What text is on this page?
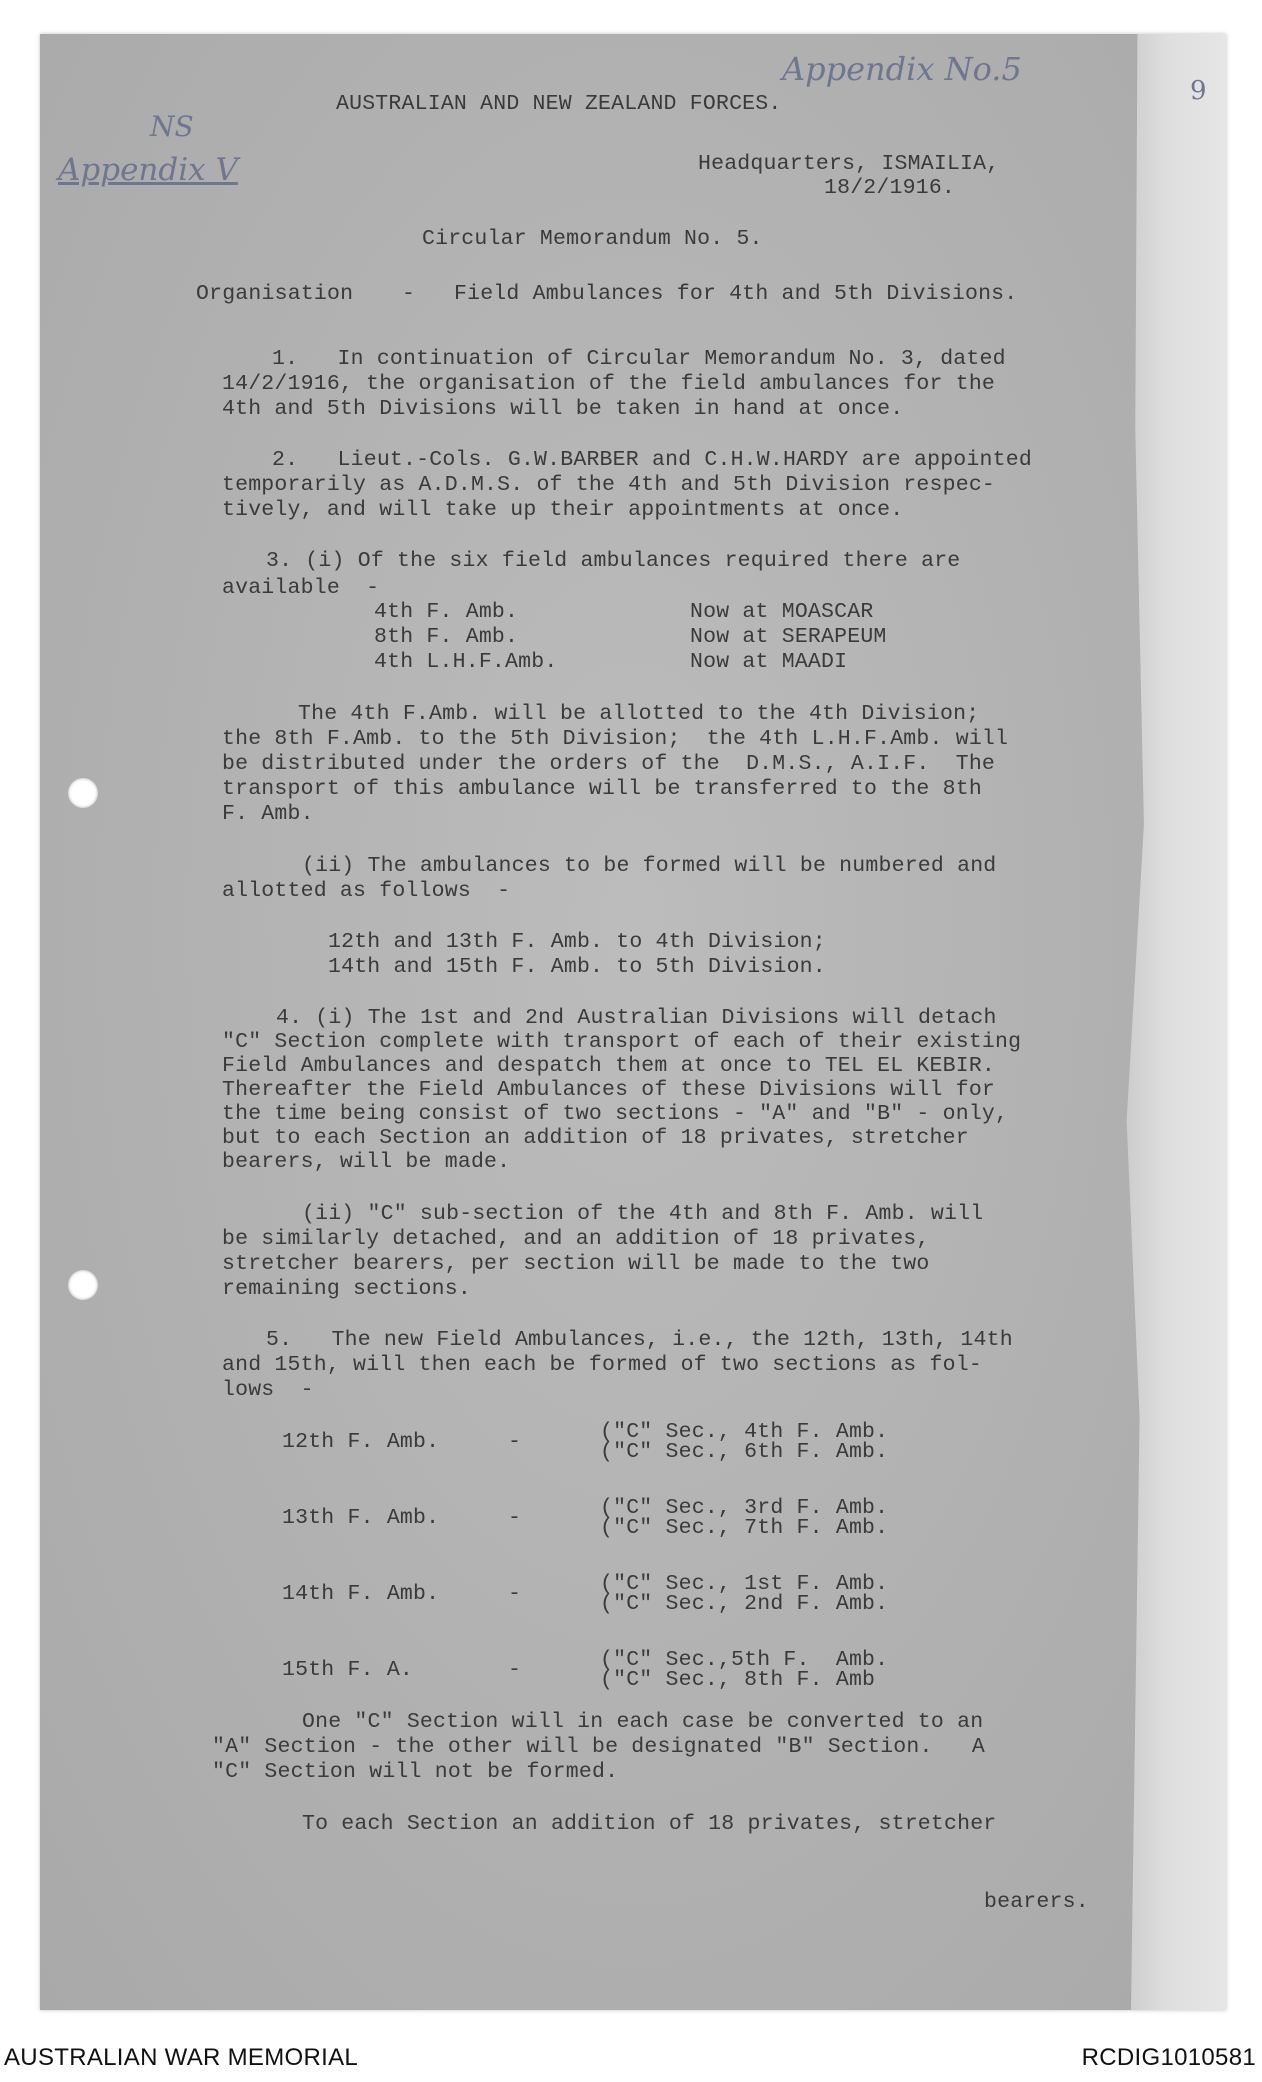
Appendix No.5
NS
Appendix V
9
AUSTRALIAN AND NEW ZEALAND FORCES.
Headquarters, ISMAILIA,
18/2/1916.
Circular Memorandum No. 5.
Organisation - Field Ambulances for 4th and 5th Divisions.
1.   In continuation of Circular Memorandum No. 3, dated
14/2/1916, the organisation of the field ambulances for the
4th and 5th Divisions will be taken in hand at once.
2.   Lieut.-Cols. G.W.BARBER and C.H.W.HARDY are appointed
temporarily as A.D.M.S. of the 4th and 5th Division respec-
tively, and will take up their appointments at once.
3. (i) Of the six field ambulances required there are
available  -
4th F. Amb.	Now at MOASCAR
8th F. Amb.	Now at SERAPEUM
4th L.H.F.Amb.	Now at MAADI
The 4th F.Amb. will be allotted to the 4th Division;
the 8th F.Amb. to the 5th Division;  the 4th L.H.F.Amb. will
be distributed under the orders of the  D.M.S., A.I.F.  The
transport of this ambulance will be transferred to the 8th
F. Amb.
(ii) The ambulances to be formed will be numbered and
allotted as follows  -
12th and 13th F. Amb. to 4th Division;
14th and 15th F. Amb. to 5th Division.
4. (i) The 1st and 2nd Australian Divisions will detach
"C" Section complete with transport of each of their existing
Field Ambulances and despatch them at once to TEL EL KEBIR.
Thereafter the Field Ambulances of these Divisions will for
the time being consist of two sections - "A" and "B" - only,
but to each Section an addition of 18 privates, stretcher
bearers, will be made.
(ii) "C" sub-section of the 4th and 8th F. Amb. will
be similarly detached, and an addition of 18 privates,
stretcher bearers, per section will be made to the two
remaining sections.
5.   The new Field Ambulances, i.e., the 12th, 13th, 14th
and 15th, will then each be formed of two sections as fol-
lows  -
12th F. Amb.	-	("C" Sec., 4th F. Amb.
("C" Sec., 6th F. Amb.
13th F. Amb.	-	("C" Sec., 3rd F. Amb.
("C" Sec., 7th F. Amb.
14th F. Amb.	-	("C" Sec., 1st F. Amb.
("C" Sec., 2nd F. Amb.
15th F. A.	-	("C" Sec.,5th F.  Amb.
("C" Sec., 8th F. Amb
One "C" Section will in each case be converted to an
"A" Section - the other will be designated "B" Section.   A
"C" Section will not be formed.
To each Section an addition of 18 privates, stretcher
bearers.
AUSTRALIAN WAR MEMORIAL	RCDIG1010581
